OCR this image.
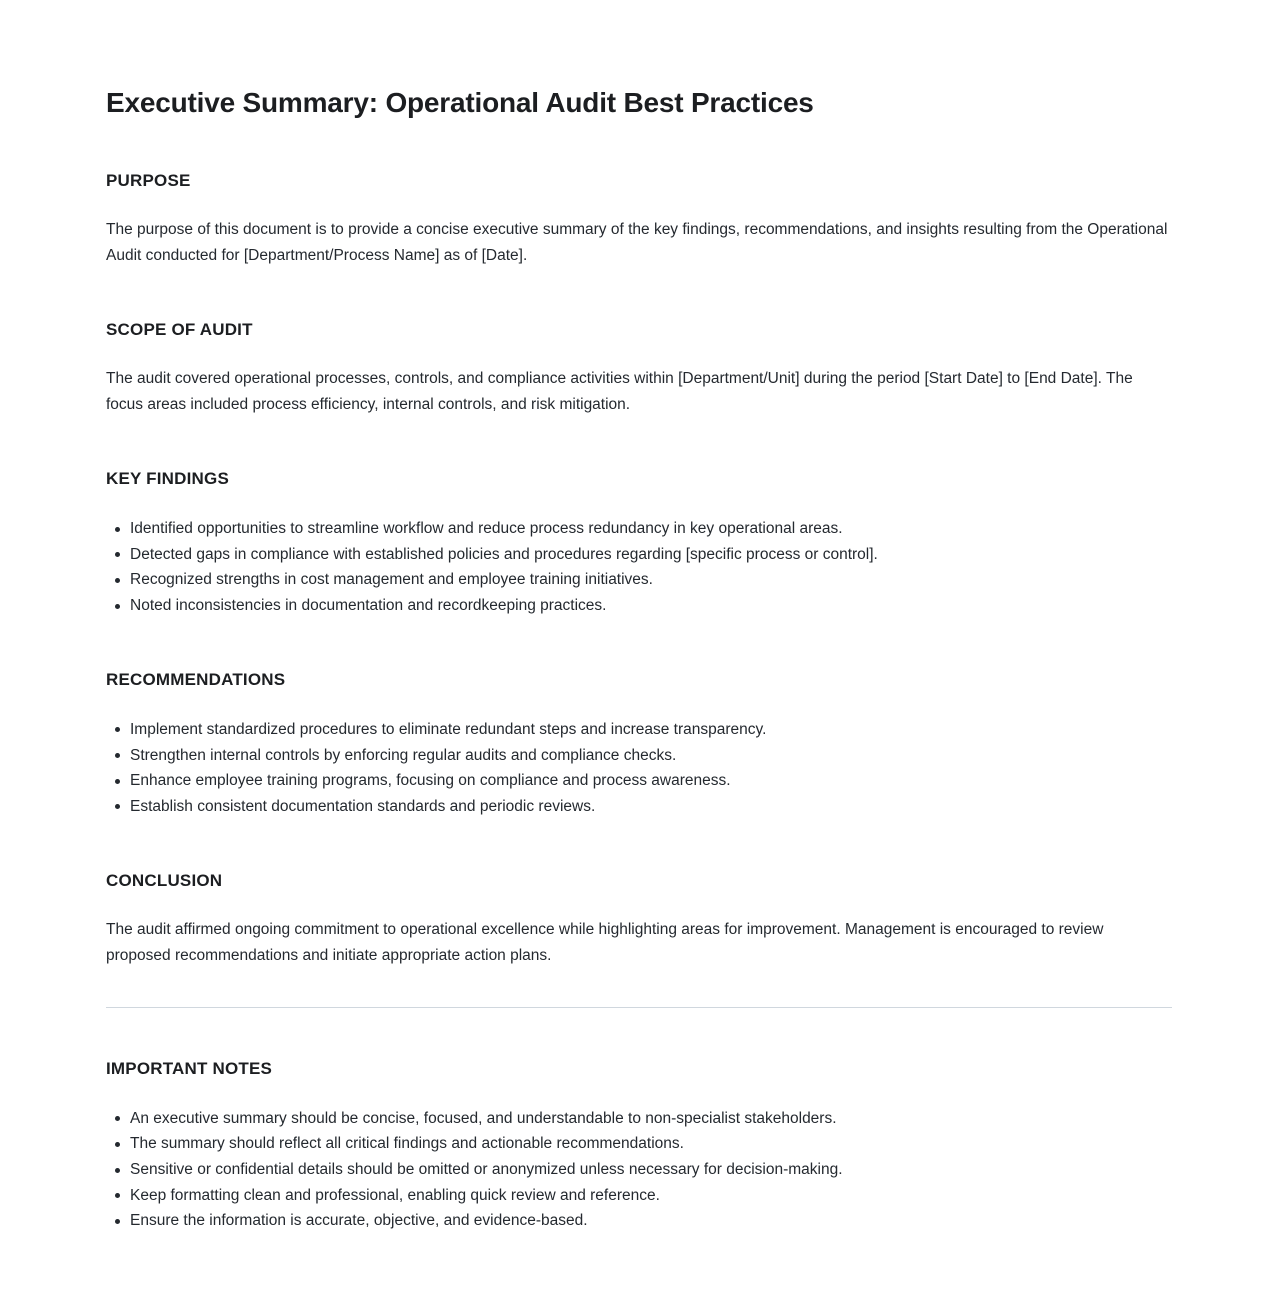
Executive Summary: Operational Audit Best Practices
PURPOSE

The purpose of this document is to provide a concise executive summary of the key findings, recommendations, and insights resulting from the Operational Audit conducted for [Department/Process Name] as of [Date].

SCOPE OF AUDIT

The audit covered operational processes, controls, and compliance activities within [Department/Unit] during the period [Start Date] to [End Date]. The focus areas included process efficiency, internal controls, and risk mitigation.

KEY FINDINGS
Identified opportunities to streamline workflow and reduce process redundancy in key operational areas.
Detected gaps in compliance with established policies and procedures regarding [specific process or control].
Recognized strengths in cost management and employee training initiatives.
Noted inconsistencies in documentation and recordkeeping practices.
RECOMMENDATIONS
Implement standardized procedures to eliminate redundant steps and increase transparency.
Strengthen internal controls by enforcing regular audits and compliance checks.
Enhance employee training programs, focusing on compliance and process awareness.
Establish consistent documentation standards and periodic reviews.
CONCLUSION

The audit affirmed ongoing commitment to operational excellence while highlighting areas for improvement. Management is encouraged to review proposed recommendations and initiate appropriate action plans.

IMPORTANT NOTES
An executive summary should be concise, focused, and understandable to non-specialist stakeholders.
The summary should reflect all critical findings and actionable recommendations.
Sensitive or confidential details should be omitted or anonymized unless necessary for decision-making.
Keep formatting clean and professional, enabling quick review and reference.
Ensure the information is accurate, objective, and evidence-based.
